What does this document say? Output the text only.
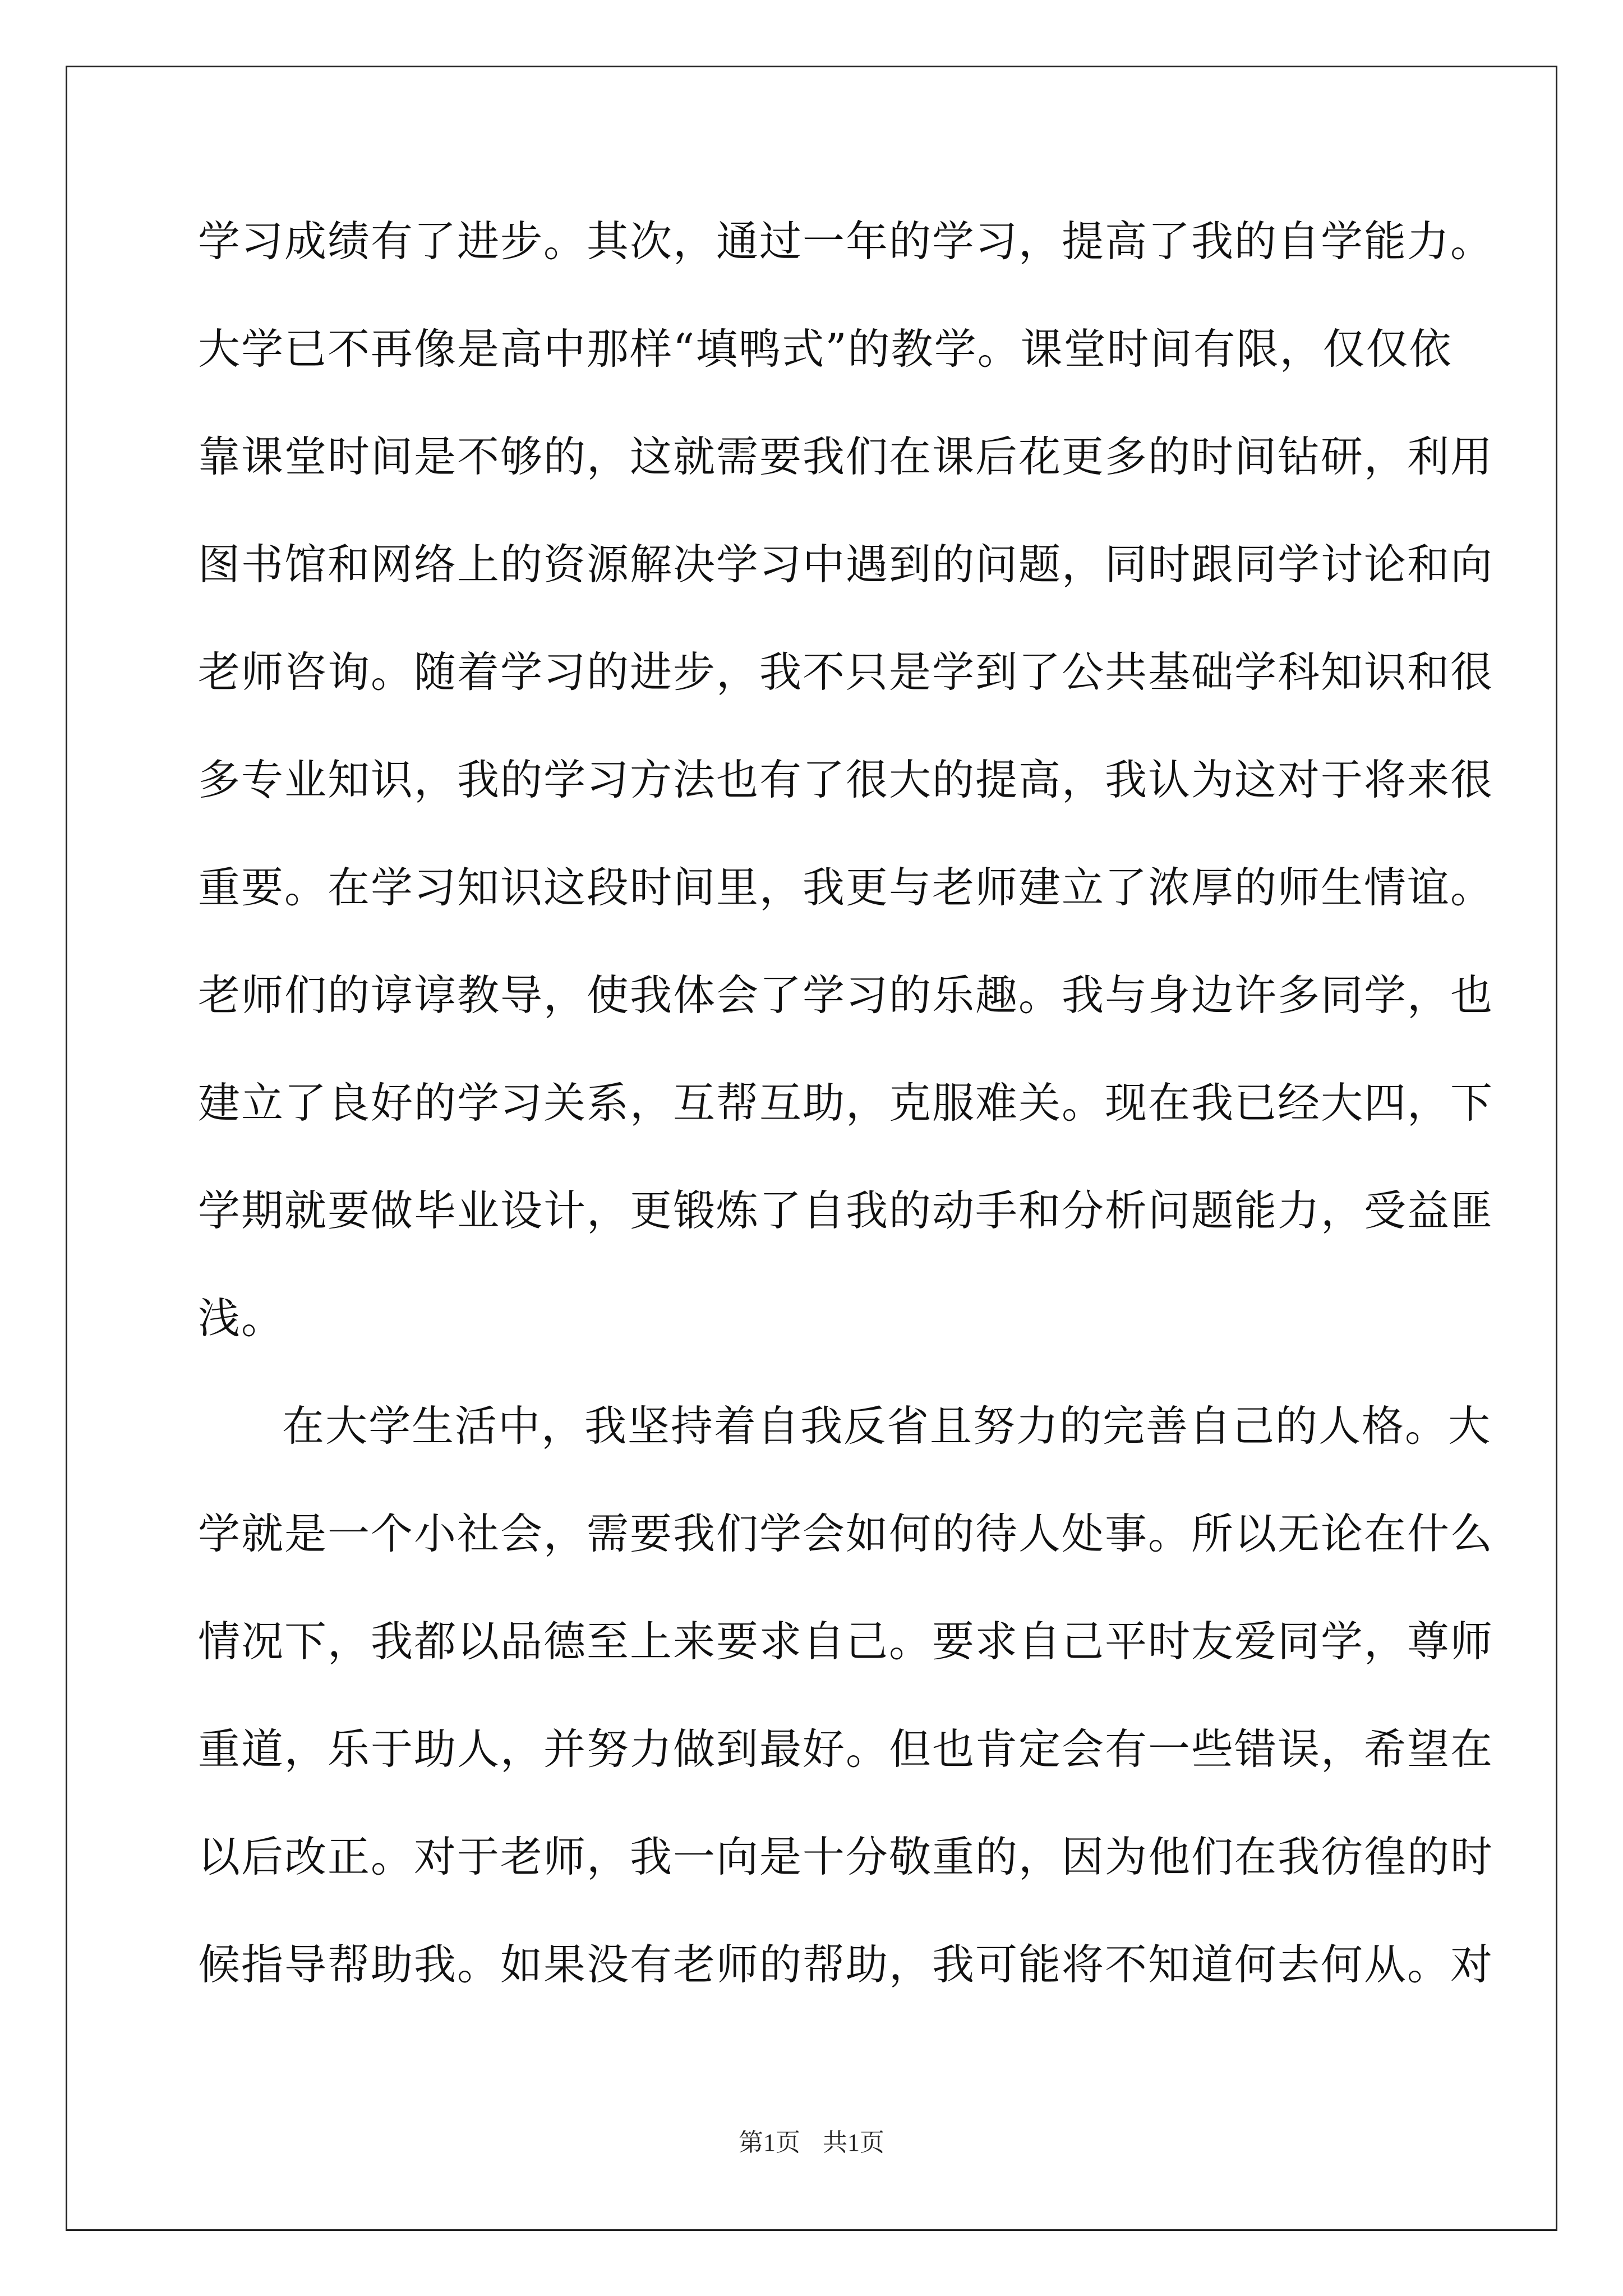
学习成绩有了进步。其次，通过一年的学习，提高了我的自学能力。
大学已不再像是高中那样“填鸭式”的教学。课堂时间有限，仅仅依
靠课堂时间是不够的，这就需要我们在课后花更多的时间钻研，利用
图书馆和网络上的资源解决学习中遇到的问题，同时跟同学讨论和向
老师咨询。随着学习的进步，我不只是学到了公共基础学科知识和很
多专业知识，我的学习方法也有了很大的提高，我认为这对于将来很
重要。在学习知识这段时间里，我更与老师建立了浓厚的师生情谊。
老师们的谆谆教导，使我体会了学习的乐趣。我与身边许多同学，也
建立了良好的学习关系，互帮互助，克服难关。现在我已经大四，下
学期就要做毕业设计，更锻炼了自我的动手和分析问题能力，受益匪
浅。
在大学生活中，我坚持着自我反省且努力的完善自己的人格。大
学就是一个小社会，需要我们学会如何的待人处事。所以无论在什么
情况下，我都以品德至上来要求自己。要求自己平时友爱同学，尊师
重道，乐于助人，并努力做到最好。但也肯定会有一些错误，希望在
以后改正。对于老师，我一向是十分敬重的，因为他们在我彷徨的时
候指导帮助我。如果没有老师的帮助，我可能将不知道何去何从。对
第1页 共1页
